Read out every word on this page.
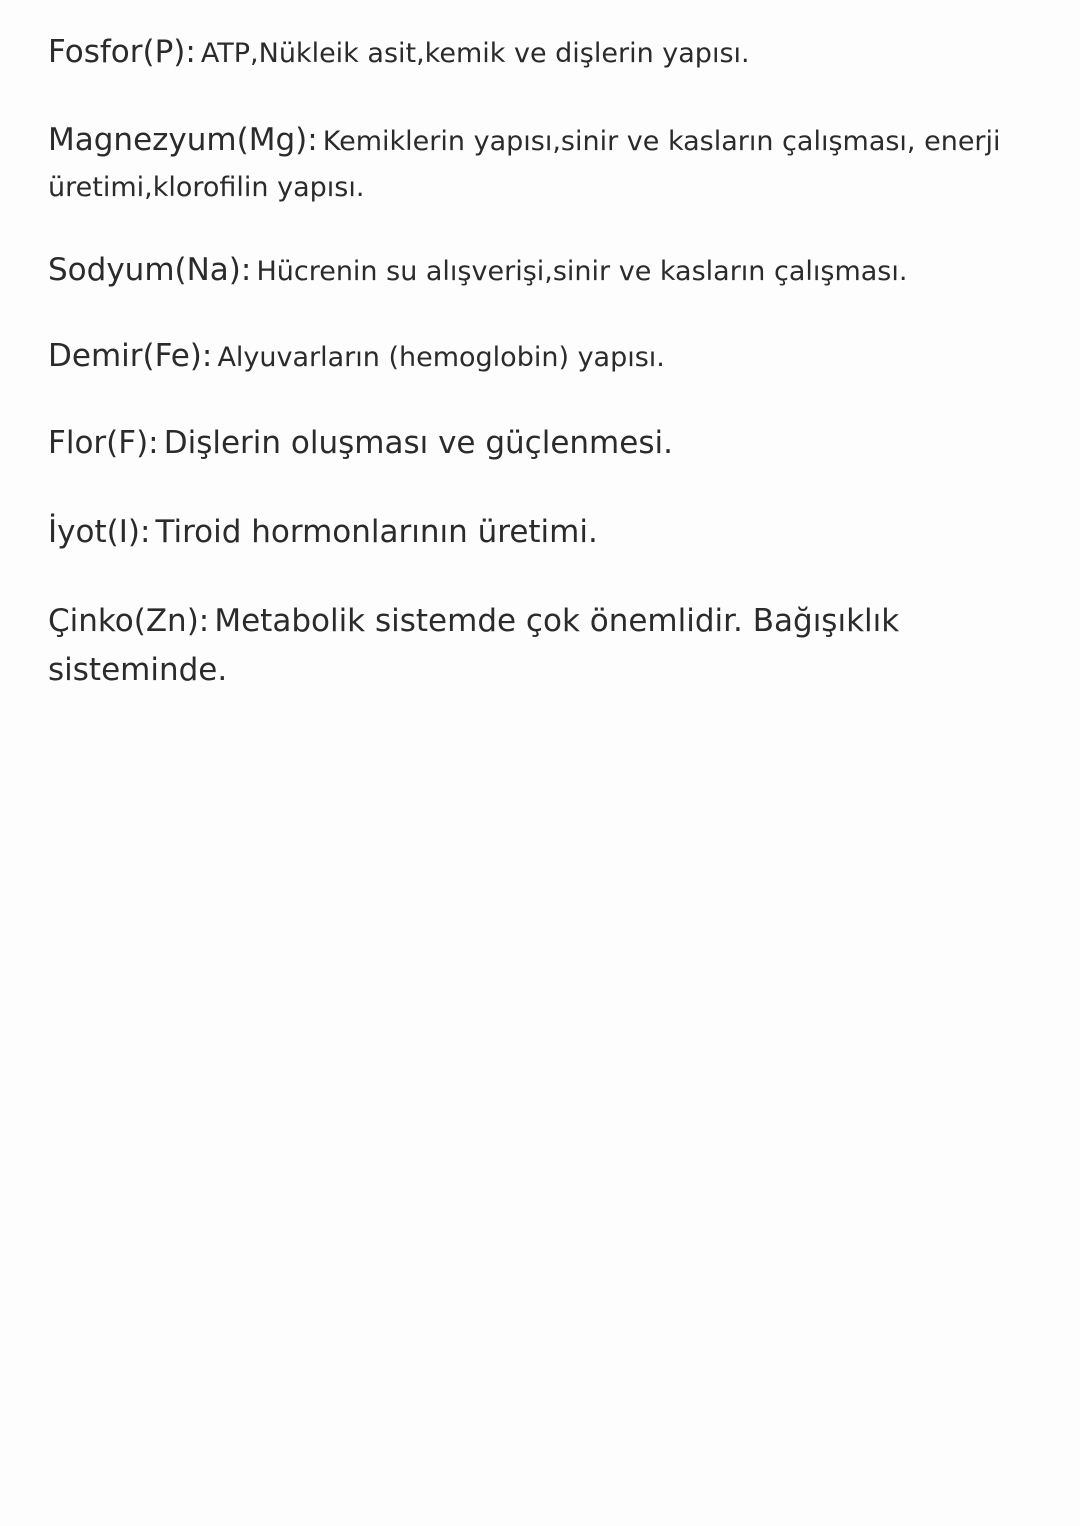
Fosfor(P): ATP,Nükleik asit,kemik ve dişlerin yapısı.

Magnezyum(Mg): Kemiklerin yapısı,sinir ve kasların çalışması, enerji üretimi,klorofilin yapısı.

Sodyum(Na): Hücrenin su alışverişi,sinir ve kasların çalışması.

Demir(Fe): Alyuvarların (hemoglobin) yapısı.

Flor(F): Dişlerin oluşması ve güçlenmesi.

İyot(I): Tiroid hormonlarının üretimi.

Çinko(Zn): Metabolik sistemde çok önemlidir. Bağışıklık sisteminde.
